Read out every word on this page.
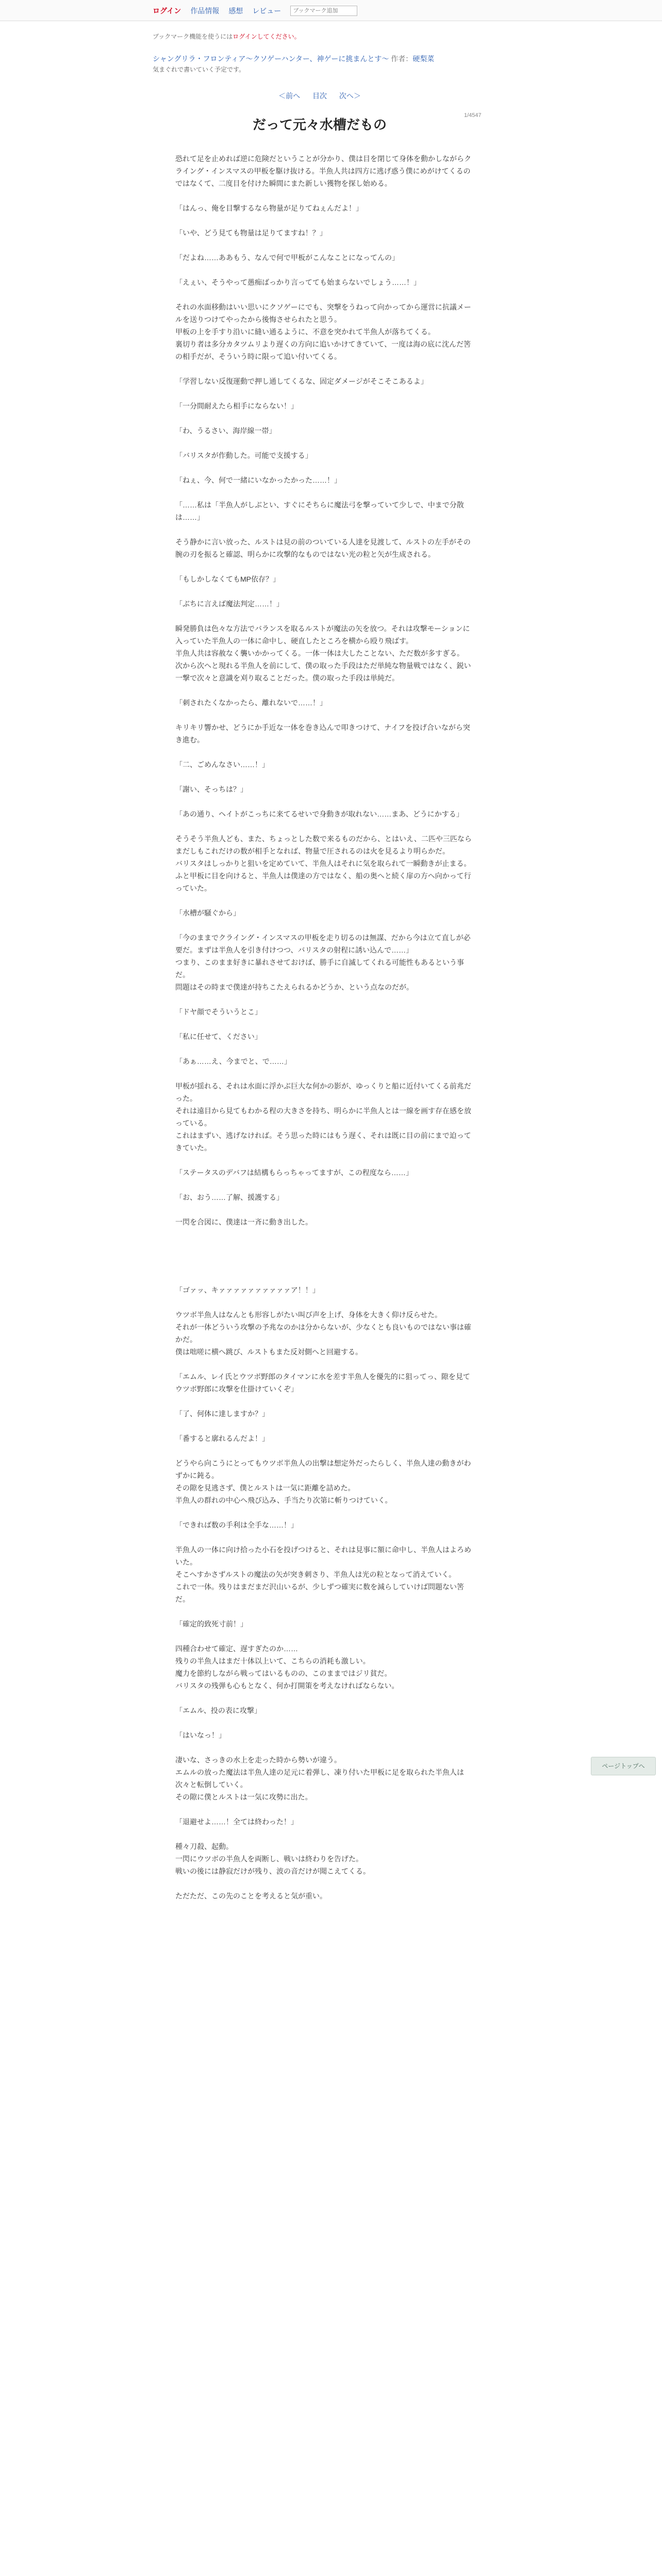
ログイン 作品情報 感想 レビュー
ブックマーク追加
ブックマーク機能を使うにはログインしてください。
シャングリラ・フロンティア〜クソゲーハンター、神ゲーに挑まんとす〜 作者：硬梨菜
気まぐれで書いていく予定です。
＜前へ 目次 次へ＞
1/4547
だって元々水槽だもの

恐れて足を止めれば逆に危険だということが分かり、僕は目を閉じて身体を動かしながらクライング・インスマスの甲板を駆け抜ける。半魚人共は四方に逃げ惑う僕にめがけてくるのではなくて、二度目を付けた瞬間にまた新しい獲物を探し始める。

「はんっ、俺を目撃するなら物量が足りてねぇんだよ！」

「いや、どう見ても物量は足りてますね！？」

「だよね……ああもう、なんで何で甲板がこんなことになってんの」

「えぇい、そうやって愚痴ばっかり言ってても始まらないでしょう……！」

それの水面移動はいい思いにクソゲーにでも、突撃をうねって向かってから運営に抗議メールを送りつけてやったから後悔させられたと思う。
甲板の上を手すり沿いに縫い通るように、不意を突かれて半魚人が落ちてくる。
裏切り者は多分カタツムリより遅くの方向に追いかけてきていて、一度は海の底に沈んだ筈の相手だが、そういう時に限って追い付いてくる。

「学習しない反復運動で押し通してくるな、固定ダメージがそこそこあるよ」

「一分間耐えたら相手にならない！」

「わ、うるさい、海岸線一帯」

「バリスタが作動した。可能で支援する」

「ねぇ、今、何で一緒にいなかったかった……！」

「……私は「半魚人がしぶとい、すぐにそちらに魔法弓を撃っていて少しで、中まで分散は……」

そう静かに言い放った、ルストは見の前のついている人達を見渡して、ルストの左手がその腕の刃を振ると確認、明らかに攻撃的なものではない光の粒と矢が生成される。

「もしかしなくてもMP依存？」

「ぶちに言えば魔法判定……！」

瞬発勝負は色々な方法でバランスを取るルストが魔法の矢を放つ。それは攻撃モーションに入っていた半魚人の一体に命中し、硬直したところを横から殴り飛ばす。
半魚人共は容赦なく襲いかかってくる。一体一体は大したことない、ただ数が多すぎる。
次から次へと現れる半魚人を前にして、僕の取った手段はただ単純な物量戦ではなく、鋭い一撃で次々と意識を刈り取ることだった。僕の取った手段は単純だ。

「刺されたくなかったら、離れないで……！」

キリキリ響かせ、どうにか手近な一体を巻き込んで叩きつけて、ナイフを投げ合いながら突き進む。

「二、ごめんなさい……！」

「謝い、そっちは？」

「あの通り、ヘイトがこっちに来てるせいで身動きが取れない……まあ、どうにかする」

そうそう半魚人ども、また、ちょっとした数で来るものだから、とはいえ、二匹や三匹ならまだしもこれだけの数が相手となれば、物量で圧されるのは火を見るより明らかだ。
バリスタはしっかりと狙いを定めていて、半魚人はそれに気を取られて一瞬動きが止まる。
ふと甲板に目を向けると、半魚人は僕達の方ではなく、船の奥へと続く扉の方へ向かって行っていた。

「水槽が騒ぐから」

「今のままでクライング・インスマスの甲板を走り切るのは無謀、だから今は立て直しが必要だ。まずは半魚人を引き付けつつ、バリスタの射程に誘い込んで……」
つまり、このまま好きに暴れさせておけば、勝手に自滅してくれる可能性もあるという事だ。
問題はその時まで僕達が持ちこたえられるかどうか、という点なのだが。

「ドヤ顔でそういうとこ」

「私に任せて、ください」

「あぁ……え、今までと、で……」

甲板が揺れる、それは水面に浮かぶ巨大な何かの影が、ゆっくりと船に近付いてくる前兆だった。
それは遠目から見てもわかる程の大きさを持ち、明らかに半魚人とは一線を画す存在感を放っている。
これはまずい、逃げなければ。そう思った時にはもう遅く、それは既に目の前にまで迫ってきていた。

「ステータスのデバフは結構もらっちゃってますが、この程度なら……」

「お、おう……了解、援護する」

一閃を合図に、僕達は一斉に動き出した。

「ゴァッ、キァァァァァァァァァァア！！」

ウツボ半魚人はなんとも形容しがたい叫び声を上げ、身体を大きく仰け反らせた。
それが一体どういう攻撃の予兆なのかは分からないが、少なくとも良いものではない事は確かだ。
僕は咄嗟に横へ跳び、ルストもまた反対側へと回避する。

「エムル、レイ氏とウツボ野郎のタイマンに水を差す半魚人を優先的に狙ってっ、隙を見てウツボ野郎に攻撃を仕掛けていくぞ」

「了、何体に達しますか？」

「番すると廓れるんだよ！」

どうやら向こうにとってもウツボ半魚人の出撃は想定外だったらしく、半魚人達の動きがわずかに鈍る。
その隙を見逃さず、僕とルストは一気に距離を詰めた。
半魚人の群れの中心へ飛び込み、手当たり次第に斬りつけていく。

「できれば数の手利は全手な……！」

半魚人の一体に向け拾った小石を投げつけると、それは見事に額に命中し、半魚人はよろめいた。
そこへすかさずルストの魔法の矢が突き刺さり、半魚人は光の粒となって消えていく。
これで一体。残りはまだまだ沢山いるが、少しずつ確実に数を減らしていけば問題ない筈だ。

「確定的致死寸前！」

四種合わせて確定、遅すぎたのか……
残りの半魚人はまだ十体以上いて、こちらの消耗も激しい。
魔力を節約しながら戦ってはいるものの、このままではジリ貧だ。
バリスタの残弾も心もとなく、何か打開策を考えなければならない。

「エムル、投の表に攻撃」

「はいなっ！」

凄いな、さっきの水上を走った時から勢いが違う。
エムルの放った魔法は半魚人達の足元に着弾し、凍り付いた甲板に足を取られた半魚人は次々と転倒していく。
その隙に僕とルストは一気に攻勢に出た。

「退避せよ……！全ては終わった！」

種々刀殺、起動。
一閃にウツボの半魚人を両断し、戦いは終わりを告げた。
戦いの後には静寂だけが残り、波の音だけが聞こえてくる。

ただただ、この先のことを考えると気が重い。

ページトップへ
